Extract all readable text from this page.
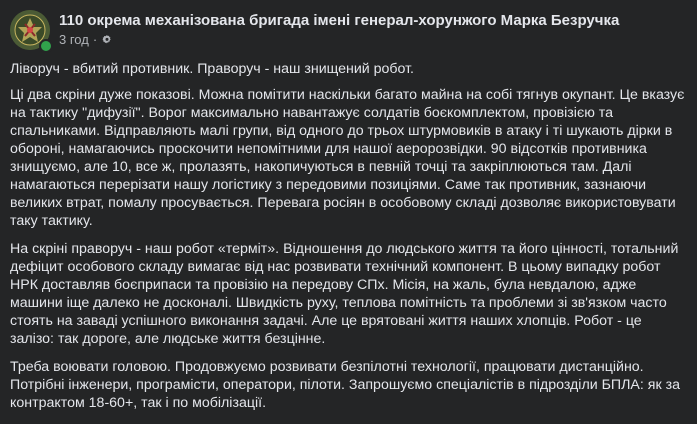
110 окрема механізована бригада імені генерал-хорунжого Марка Безручка
3 год ·

Ліворуч - вбитий противник. Праворуч - наш знищений робот.

Ці два скріни дуже показові. Можна помітити наскільки багато майна на собі тягнув окупант. Це вказує на тактику "дифузії". Ворог максимально навантажує солдатів боєкомплектом, провізією та спальниками. Відправляють малі групи, від одного до трьох штурмовиків в атаку і ті шукають дірки в обороні, намагаючись проскочити непомітними для нашої аеророзвідки. 90 відсотків противника знищуємо, але 10, все ж, пролазять, накопичуються в певній точці та закріплюються там. Далі намагаються перерізати нашу логістику з передовими позиціями. Саме так противник, зазнаючи великих втрат, помалу просувається. Перевага росіян в особовому складі дозволяє використовувати таку тактику.

На скріні праворуч - наш робот «терміт». Відношення до людського життя та його цінності, тотальний дефіцит особового складу вимагає від нас розвивати технічний компонент. В цьому випадку робот НРК доставляв боєприпаси та провізію на передову СПх. Місія, на жаль, була невдалою, адже машини іще далеко не досконалі. Швидкість руху, теплова помітність та проблеми зі зв'язком часто стоять на заваді успішного виконання задачі. Але це врятовані життя наших хлопців. Робот - це залізо: так дороге, але людське життя безцінне.

Треба воювати головою. Продовжуємо розвивати безпілотні технології, працювати дистанційно. Потрібні інженери, програмісти, оператори, пілоти. Запрошуємо спеціалістів в підрозділи БПЛА: як за контрактом 18-60+, так і по мобілізації.
